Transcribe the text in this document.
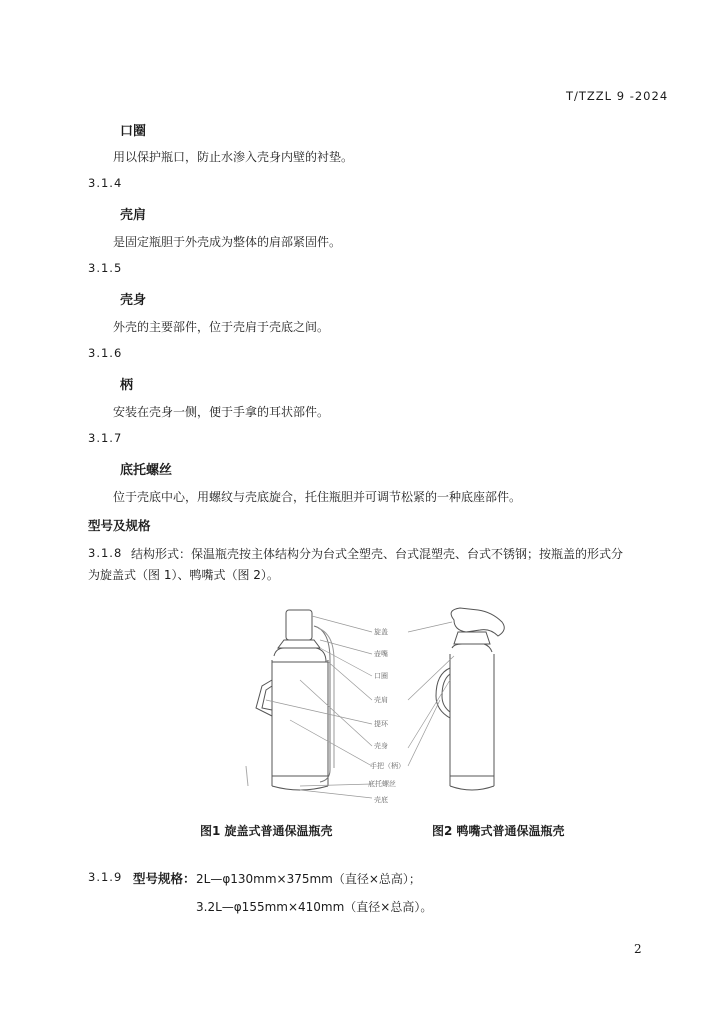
T/TZZL 9 -2024
口圈
用以保护瓶口，防止水渗入壳身内壁的衬垫。
3.1.4
壳肩
是固定瓶胆于外壳成为整体的肩部紧固件。
3.1.5
壳身
外壳的主要部件，位于壳肩于壳底之间。
3.1.6
柄
安装在壳身一侧，便于手拿的耳状部件。
3.1.7
底托螺丝
位于壳底中心，用螺纹与壳底旋合，托住瓶胆并可调节松紧的一种底座部件。
型号及规格
3.1.8 结构形式：保温瓶壳按主体结构分为台式全塑壳、台式混塑壳、台式不锈钢；按瓶盖的形式分
为旋盖式（图 1）、鸭嘴式（图 2）。
旋盖
壶嘴
口圈
壳肩
提环
壳身
手把（柄）
底托螺丝
壳底
图1 旋盖式普通保温瓶壳	图2 鸭嘴式普通保温瓶壳
3.1.9 型号规格： 2L—φ130mm×375mm（直径×总高）；
3.2L—φ155mm×410mm（直径×总高）。
2
